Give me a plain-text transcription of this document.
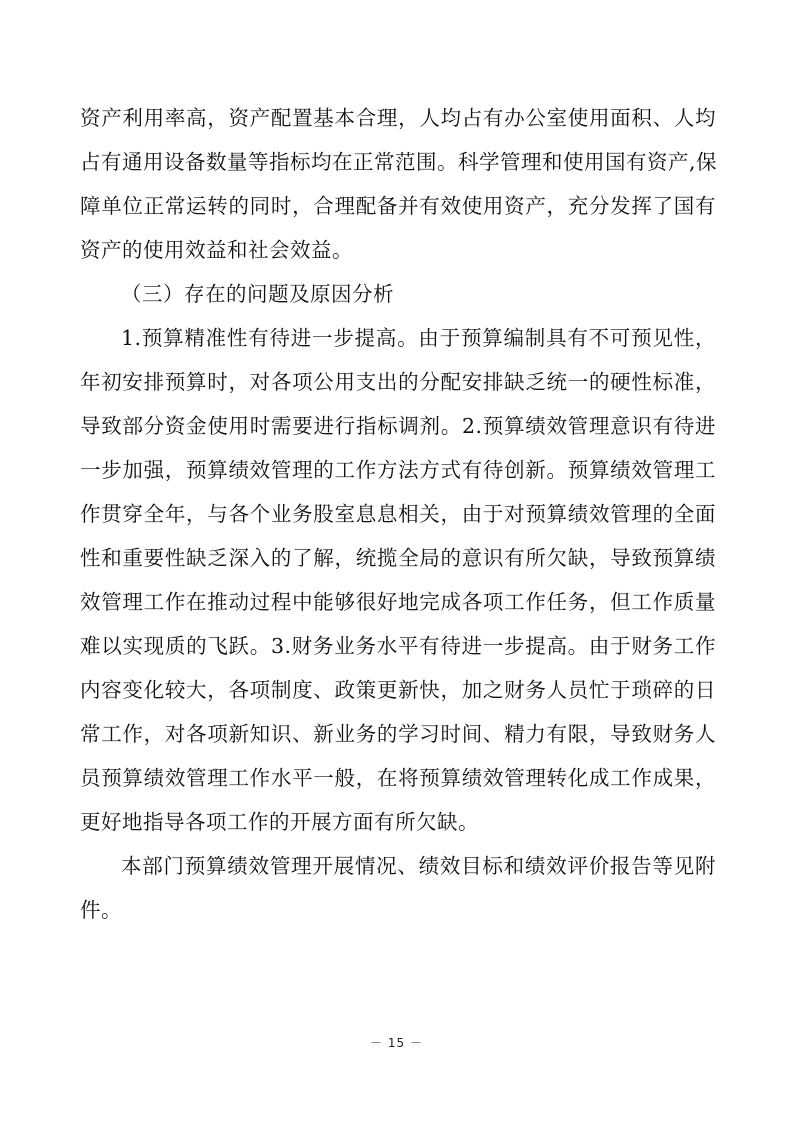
资产利用率高，资产配置基本合理，人均占有办公室使用面积、人均
占有通用设备数量等指标均在正常范围。科学管理和使用国有资产,保
障单位正常运转的同时，合理配备并有效使用资产，充分发挥了国有
资产的使用效益和社会效益。
（三）存在的问题及原因分析
1.预算精准性有待进一步提高。由于预算编制具有不可预见性，
年初安排预算时，对各项公用支出的分配安排缺乏统一的硬性标准，
导致部分资金使用时需要进行指标调剂。2.预算绩效管理意识有待进
一步加强，预算绩效管理的工作方法方式有待创新。预算绩效管理工
作贯穿全年，与各个业务股室息息相关，由于对预算绩效管理的全面
性和重要性缺乏深入的了解，统揽全局的意识有所欠缺，导致预算绩
效管理工作在推动过程中能够很好地完成各项工作任务，但工作质量
难以实现质的飞跃。3.财务业务水平有待进一步提高。由于财务工作
内容变化较大，各项制度、政策更新快，加之财务人员忙于琐碎的日
常工作，对各项新知识、新业务的学习时间、精力有限，导致财务人
员预算绩效管理工作水平一般，在将预算绩效管理转化成工作成果，
更好地指导各项工作的开展方面有所欠缺。
本部门预算绩效管理开展情况、绩效目标和绩效评价报告等见附
件。
－ 15 －
